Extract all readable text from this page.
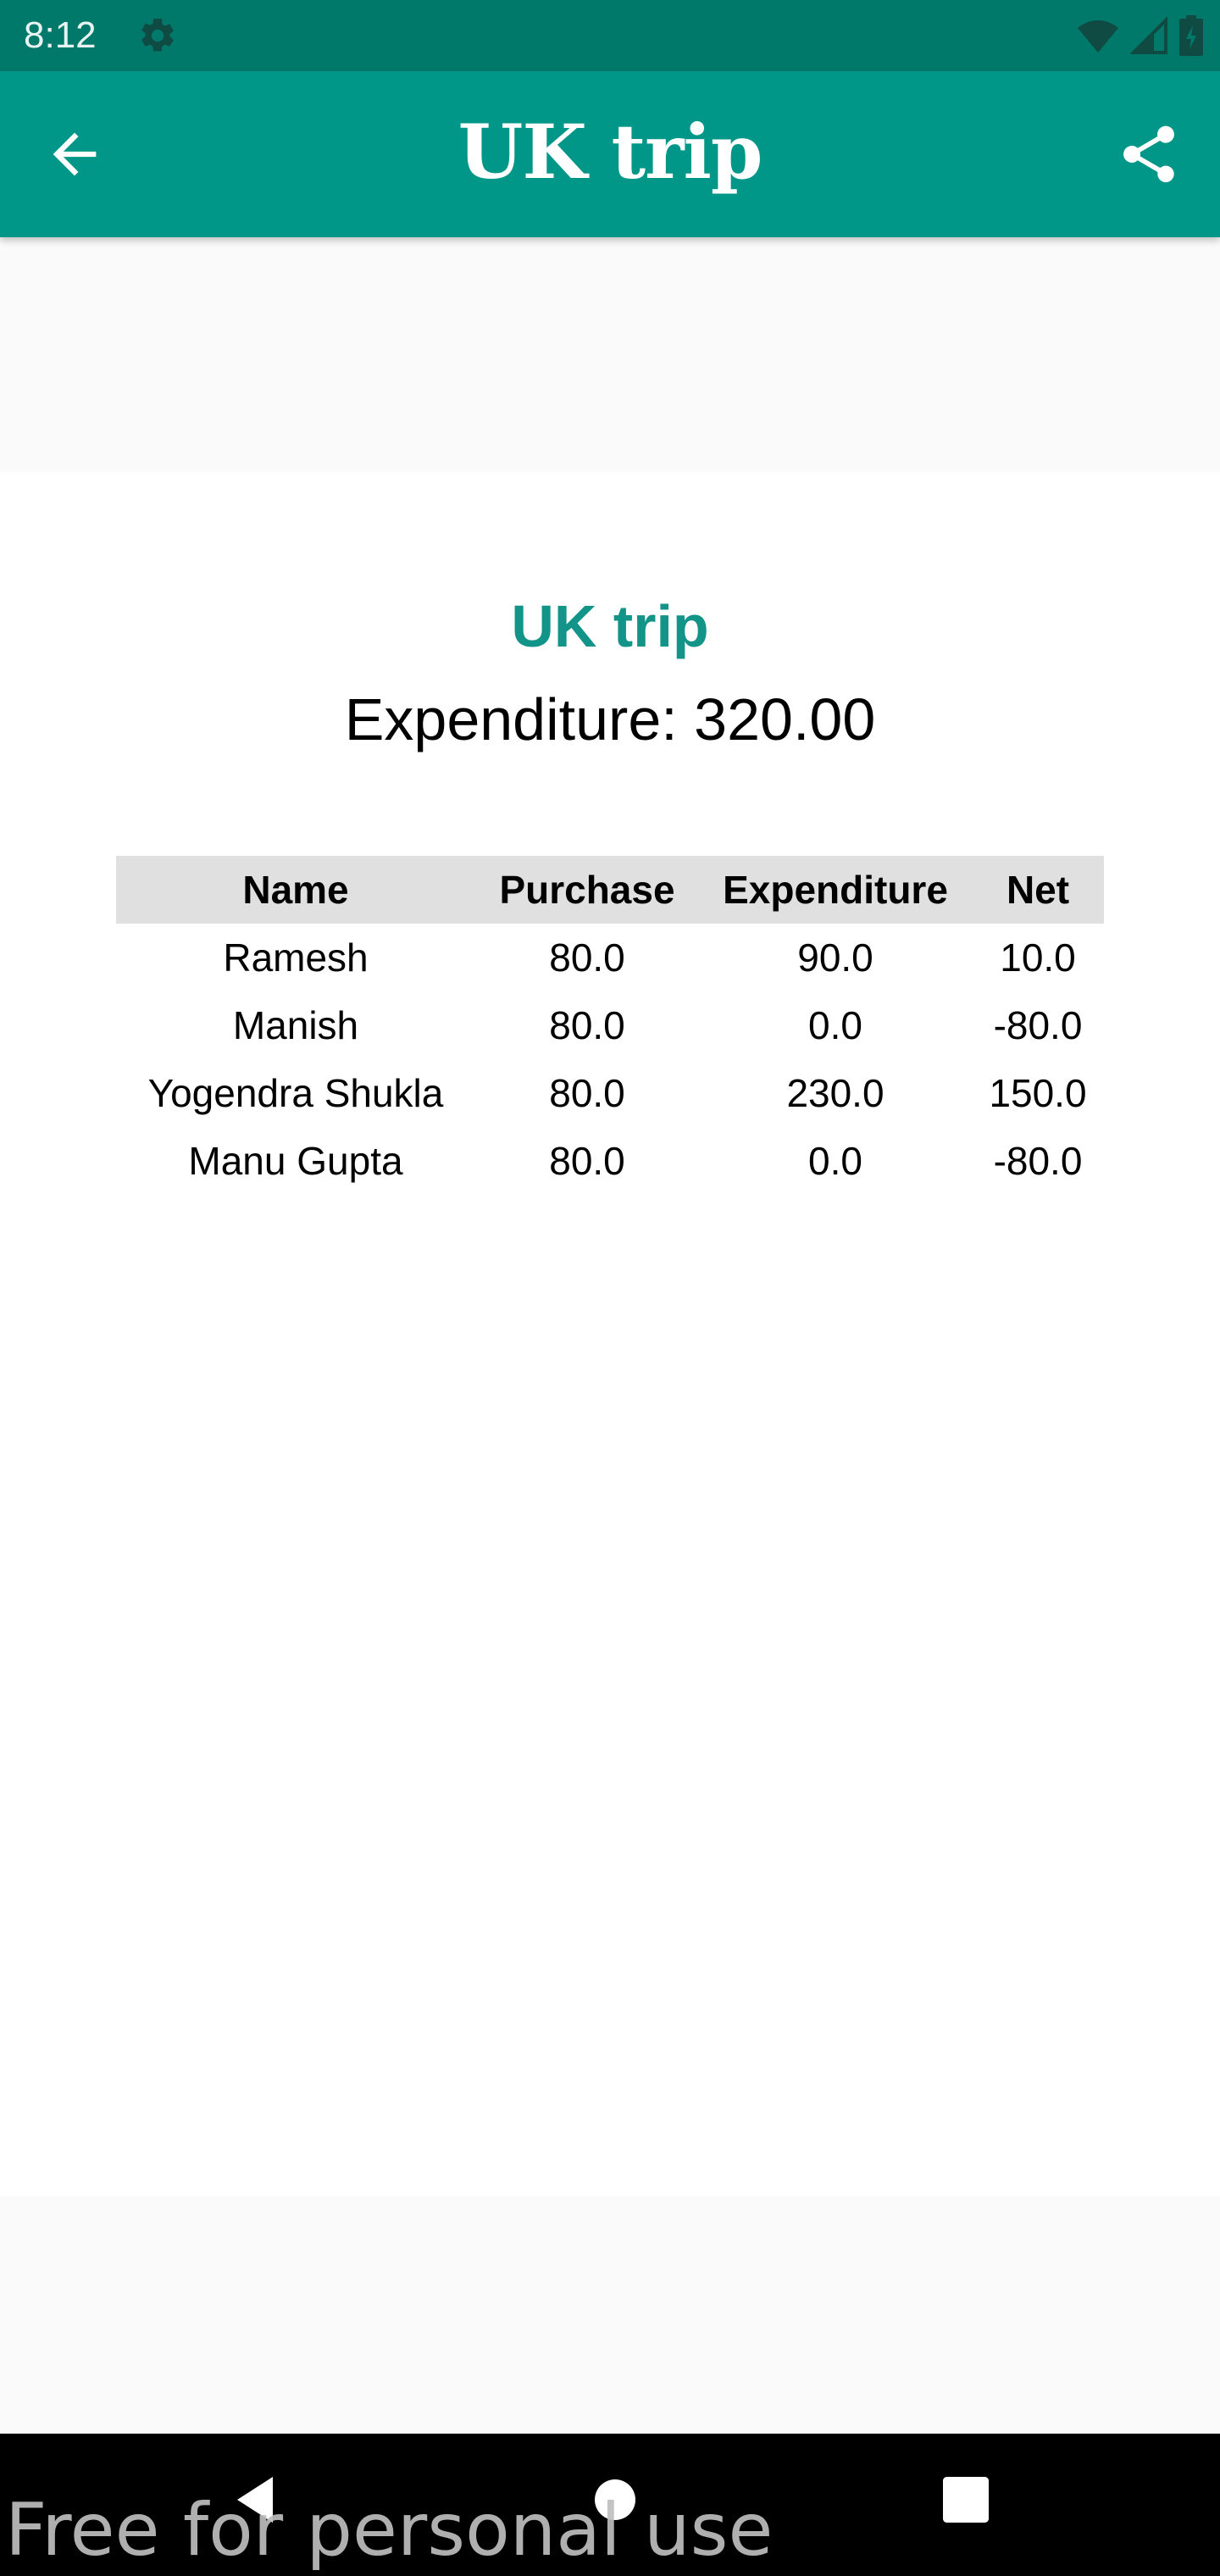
8:12
UK trip
UK trip
Expenditure: 320.00
Name	Purchase	Expenditure	Net
Ramesh	80.0	90.0	10.0
Manish	80.0	0.0	-80.0
Yogendra Shukla	80.0	230.0	150.0
Manu Gupta	80.0	0.0	-80.0
Free for personal use
